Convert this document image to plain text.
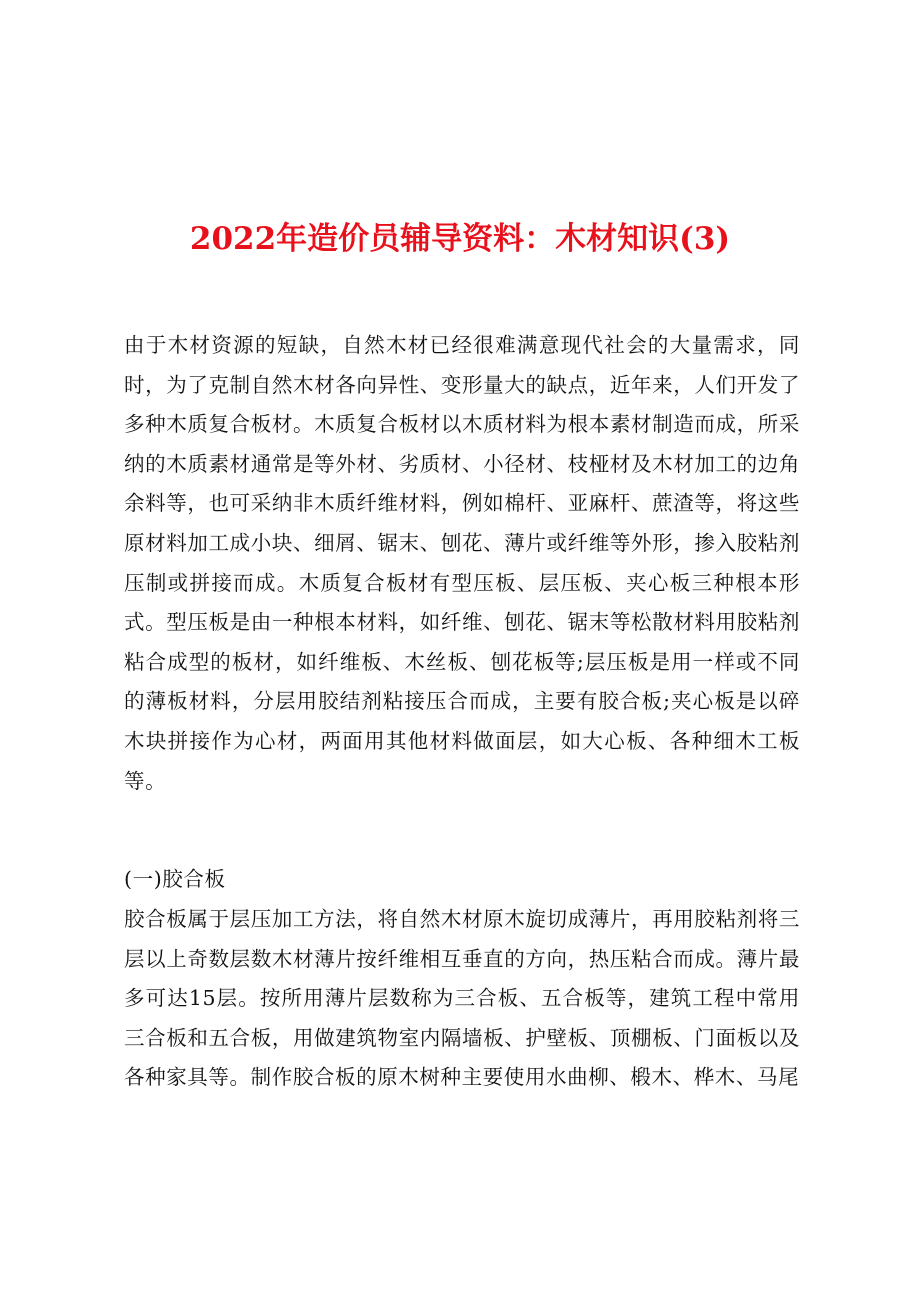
2022年造价员辅导资料：木材知识(3)

由于木材资源的短缺，自然木材已经很难满意现代社会的大量需求，同时，为了克制自然木材各向异性、变形量大的缺点，近年来，人们开发了多种木质复合板材。木质复合板材以木质材料为根本素材制造而成，所采纳的木质素材通常是等外材、劣质材、小径材、枝桠材及木材加工的边角余料等，也可采纳非木质纤维材料，例如棉杆、亚麻杆、蔗渣等，将这些原材料加工成小块、细屑、锯末、刨花、薄片或纤维等外形，掺入胶粘剂压制或拼接而成。木质复合板材有型压板、层压板、夹心板三种根本形式。型压板是由一种根本材料，如纤维、刨花、锯末等松散材料用胶粘剂粘合成型的板材，如纤维板、木丝板、刨花板等;层压板是用一样或不同的薄板材料，分层用胶结剂粘接压合而成，主要有胶合板;夹心板是以碎木块拼接作为心材，两面用其他材料做面层，如大心板、各种细木工板等。

(一)胶合板

胶合板属于层压加工方法，将自然木材原木旋切成薄片，再用胶粘剂将三层以上奇数层数木材薄片按纤维相互垂直的方向，热压粘合而成。薄片最多可达15层。按所用薄片层数称为三合板、五合板等，建筑工程中常用三合板和五合板，用做建筑物室内隔墙板、护壁板、顶棚板、门面板以及各种家具等。制作胶合板的原木树种主要使用水曲柳、椴木、桦木、马尾
